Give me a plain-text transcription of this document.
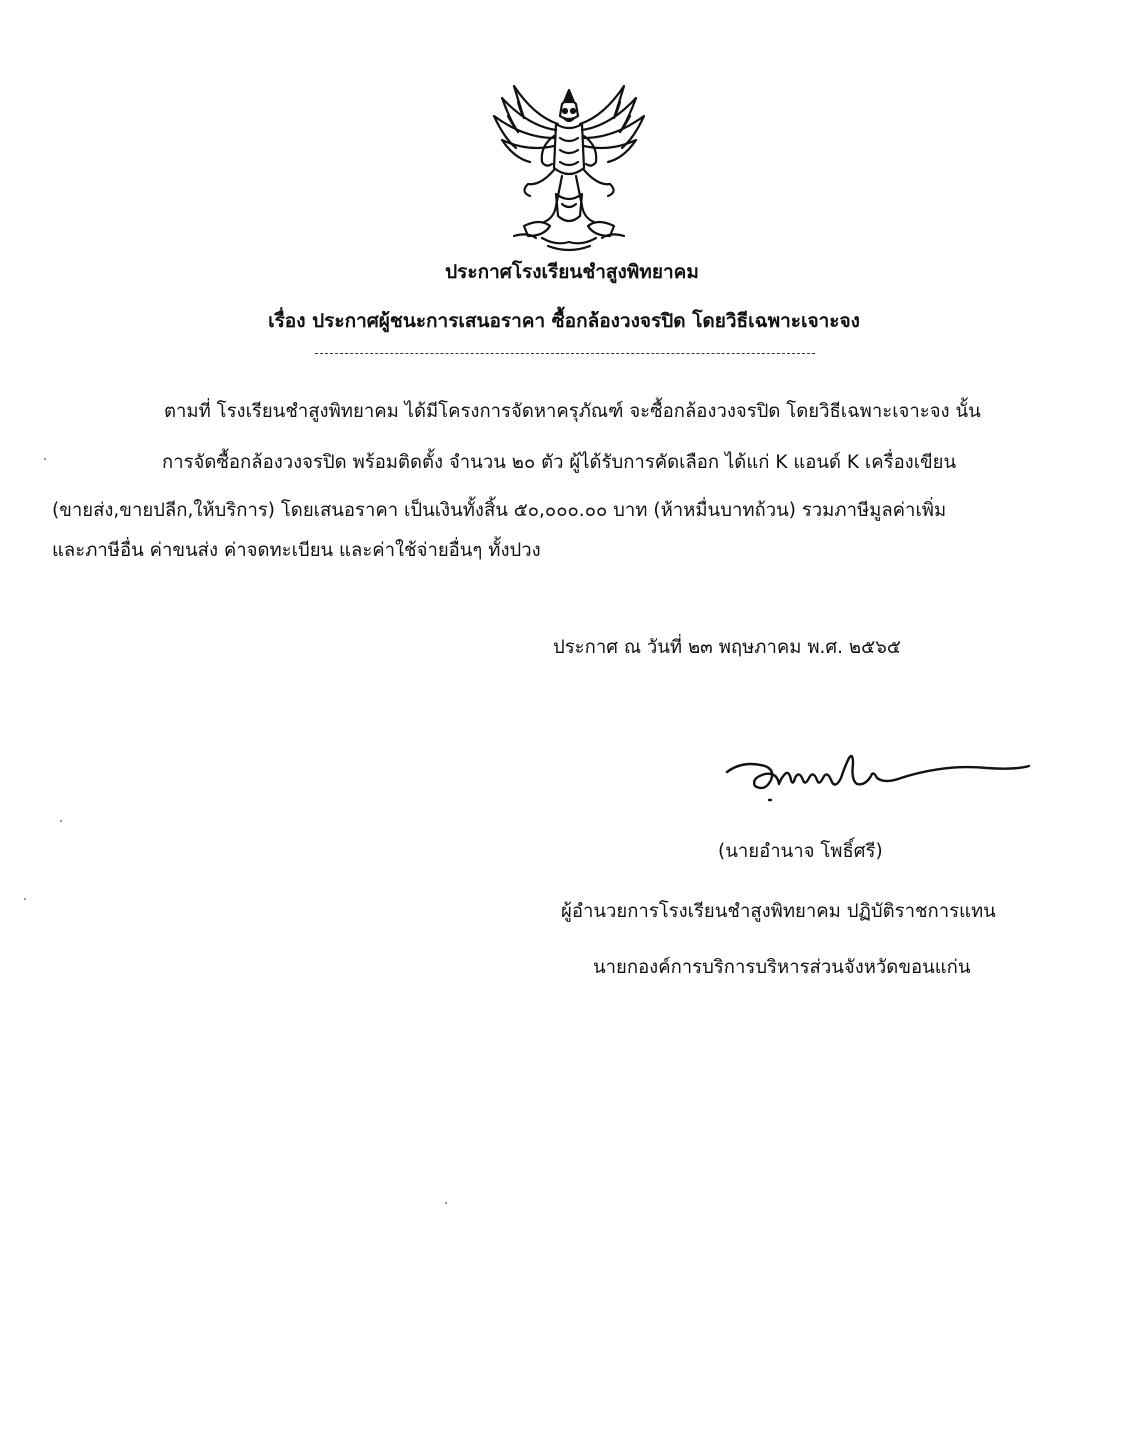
ประกาศโรงเรียนชำสูงพิทยาคม
เรื่อง ประกาศผู้ชนะการเสนอราคา ซื้อกล้องวงจรปิด โดยวิธีเฉพาะเจาะจง
ตามที่ โรงเรียนชำสูงพิทยาคม ได้มีโครงการจัดหาครุภัณฑ์ จะซื้อกล้องวงจรปิด โดยวิธีเฉพาะเจาะจง นั้น
การจัดซื้อกล้องวงจรปิด พร้อมติดตั้ง จำนวน ๒๐ ตัว ผู้ได้รับการคัดเลือก ได้แก่ K แอนด์ K เครื่องเขียน
(ขายส่ง,ขายปลีก,ให้บริการ) โดยเสนอราคา เป็นเงินทั้งสิ้น ๕๐,๐๐๐.๐๐ บาท (ห้าหมื่นบาทถ้วน) รวมภาษีมูลค่าเพิ่ม
และภาษีอื่น ค่าขนส่ง ค่าจดทะเบียน และค่าใช้จ่ายอื่นๆ ทั้งปวง
ประกาศ ณ วันที่ ๒๓ พฤษภาคม พ.ศ. ๒๕๖๕
(นายอำนาจ โพธิ์ศรี)
ผู้อำนวยการโรงเรียนชำสูงพิทยาคม ปฏิบัติราชการแทน
นายกองค์การบริการบริหารส่วนจังหวัดขอนแก่น
